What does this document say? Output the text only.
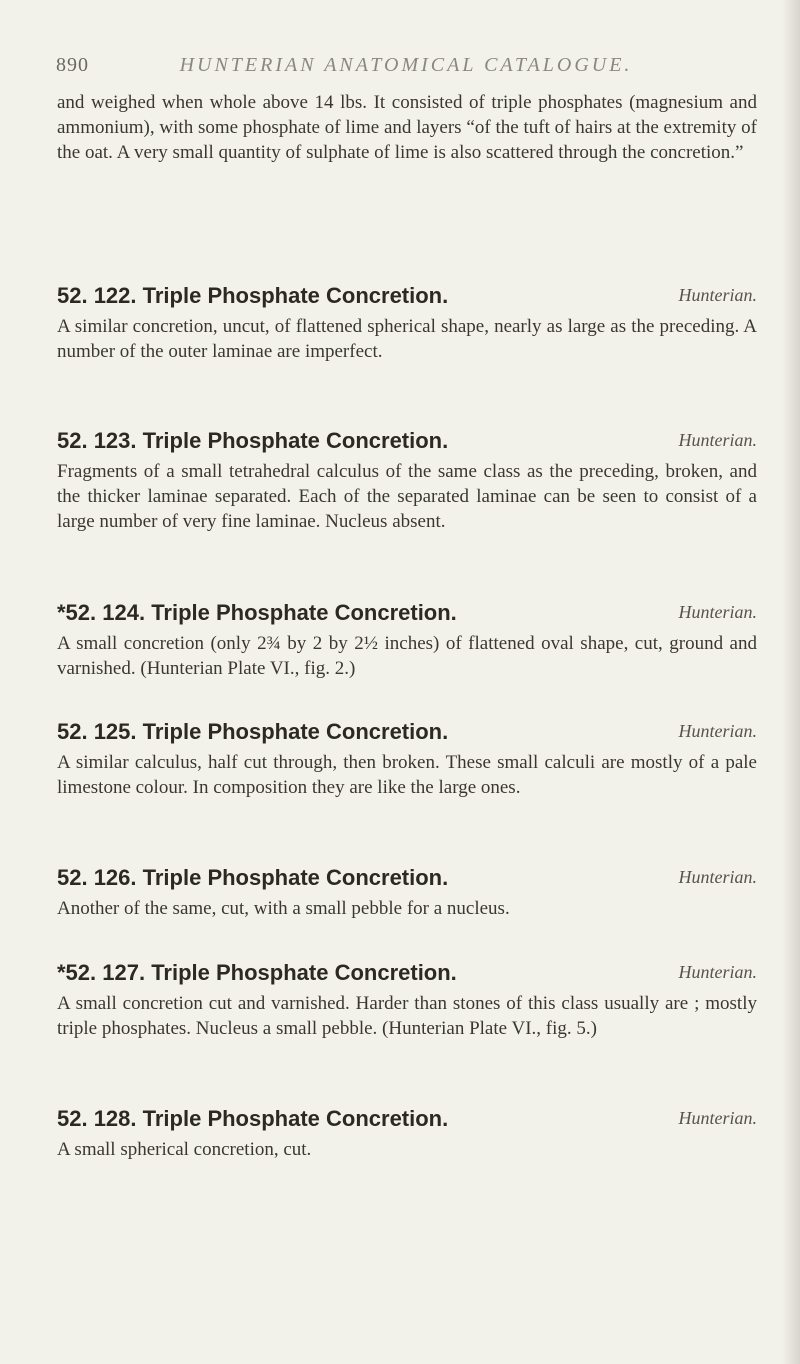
890	HUNTERIAN ANATOMICAL CATALOGUE.
and weighed when whole above 14 lbs. It consisted of triple phosphates (magnesium and ammonium), with some phosphate of lime and layers “of the tuft of hairs at the extremity of the oat. A very small quantity of sulphate of lime is also scattered through the concretion.”
52. 122. Triple Phosphate Concretion.	Hunterian.
A similar concretion, uncut, of flattened spherical shape, nearly as large as the preceding. A number of the outer laminae are imperfect.
52. 123. Triple Phosphate Concretion.	Hunterian.
Fragments of a small tetrahedral calculus of the same class as the preceding, broken, and the thicker laminae separated. Each of the separated laminae can be seen to consist of a large number of very fine laminae. Nucleus absent.
*52. 124. Triple Phosphate Concretion.	Hunterian.
A small concretion (only 2¾ by 2 by 2½ inches) of flattened oval shape, cut, ground and varnished. (Hunterian Plate VI., fig. 2.)
52. 125. Triple Phosphate Concretion.	Hunterian.
A similar calculus, half cut through, then broken. These small calculi are mostly of a pale limestone colour. In composition they are like the large ones.
52. 126. Triple Phosphate Concretion.	Hunterian.
Another of the same, cut, with a small pebble for a nucleus.
*52. 127. Triple Phosphate Concretion.	Hunterian.
A small concretion cut and varnished. Harder than stones of this class usually are ; mostly triple phosphates. Nucleus a small pebble. (Hunterian Plate VI., fig. 5.)
52. 128. Triple Phosphate Concretion.	Hunterian.
A small spherical concretion, cut.
